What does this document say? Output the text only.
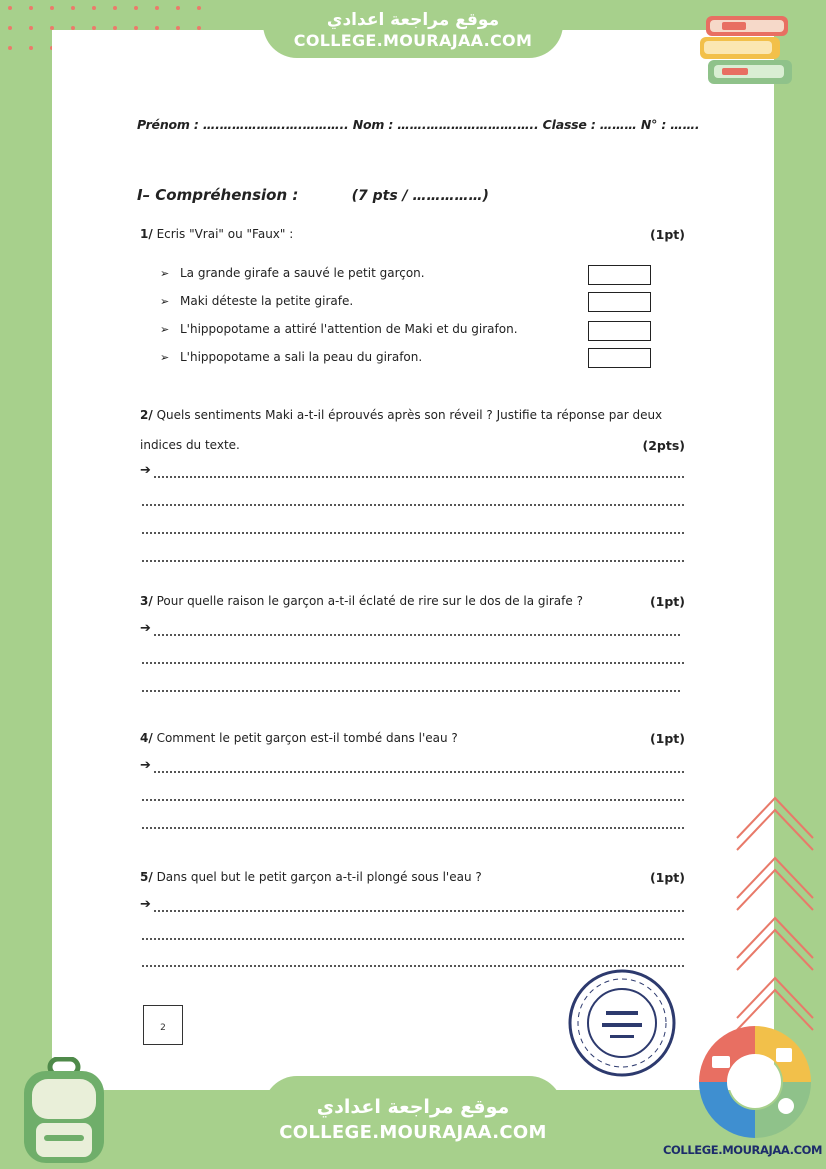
موقع مراجعة اعدادي
COLLEGE.MOURAJAA.COM
Prénom : ….…………….….……….. Nom : …….………………….….. Classe : ……… N° : …….
I– Compréhension :	(7 pts / ……………)
1/ Ecris "Vrai" ou "Faux" :	(1pt)
➢ La grande girafe a sauvé le petit garçon.
➢ Maki déteste la petite girafe.
➢ L'hippopotame a attiré l'attention de Maki et du girafon.
➢ L'hippopotame a sali la peau du girafon.
2/ Quels sentiments Maki a-t-il éprouvés après son réveil ? Justifie ta réponse par deux
indices du texte.	(2pts)
➔
3/ Pour quelle raison le garçon a-t-il éclaté de rire sur le dos de la girafe ?	(1pt)
➔
4/ Comment le petit garçon est-il tombé dans l'eau ?	(1pt)
➔
5/ Dans quel but le petit garçon a-t-il plongé sous l'eau ?	(1pt)
➔
2
موقع مراجعة اعدادي
COLLEGE.MOURAJAA.COM
COLLEGE.MOURAJAA.COM
